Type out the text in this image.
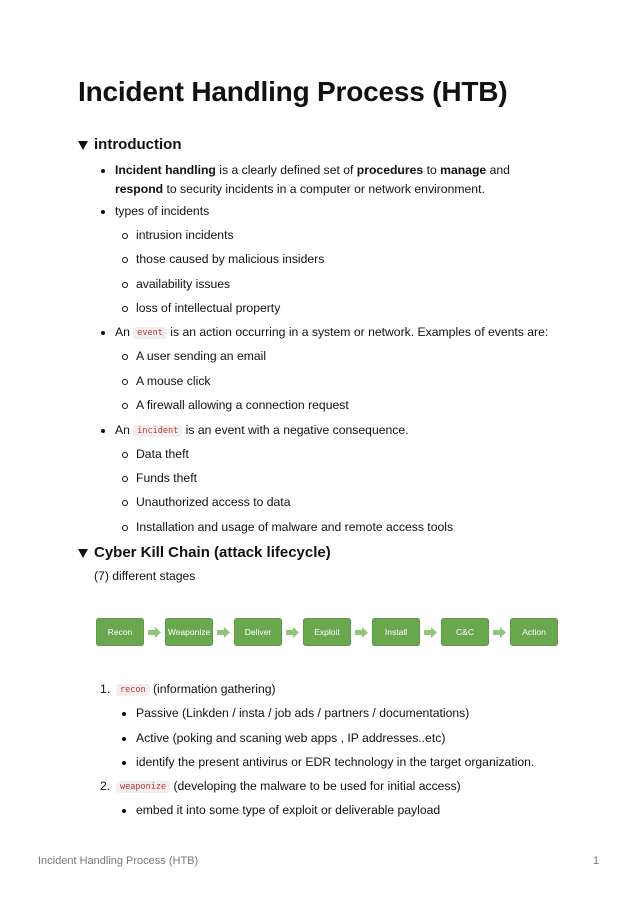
Incident Handling Process (HTB)
introduction
Incident handling is a clearly defined set of procedures to manage and respond to security incidents in a computer or network environment.
types of incidents
intrusion incidents
those caused by malicious insiders
availability issues
loss of intellectual property
An event is an action occurring in a system or network. Examples of events are:
A user sending an email
A mouse click
A firewall allowing a connection request
An incident is an event with a negative consequence.
Data theft
Funds theft
Unauthorized access to data
Installation and usage of malware and remote access tools
Cyber Kill Chain (attack lifecycle)
(7) different stages
Recon	Weaponize	Deliver	Exploit	Install	C&C	Action
1. recon (information gathering)
Passive (Linkden / insta / job ads / partners / documentations)
Active (poking and scaning web apps , IP addresses..etc)
identify the present antivirus or EDR technology in the target organization.
2. weaponize (developing the malware to be used for initial access)
embed it into some type of exploit or deliverable payload
Incident Handling Process (HTB)	1
